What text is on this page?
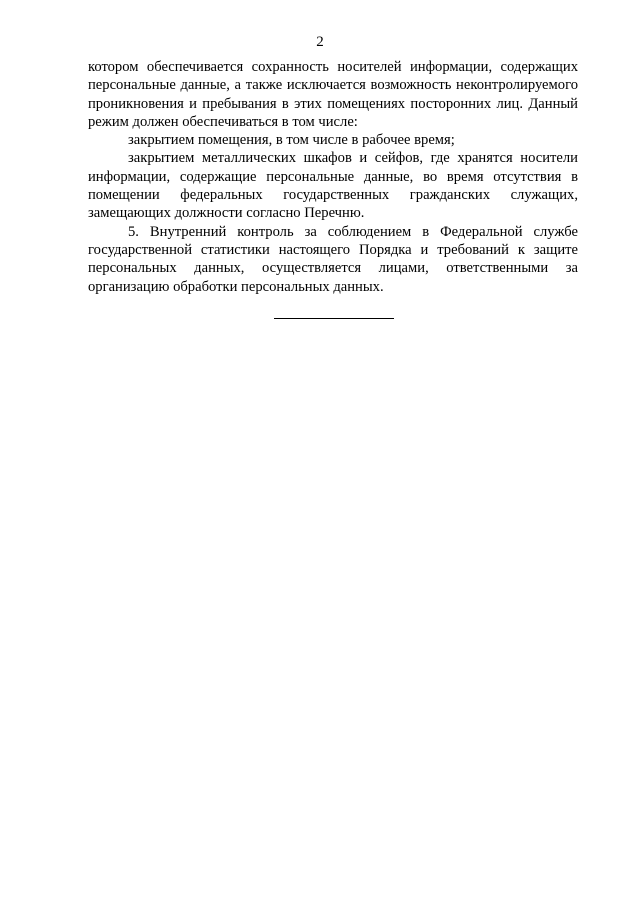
2

котором обеспечивается сохранность носителей информации, содержащих персональные данные, а также исключается возможность неконтролируемого проникновения и пребывания в этих помещениях посторонних лиц. Данный режим должен обеспечиваться в том числе:

закрытием помещения, в том числе в рабочее время;

закрытием металлических шкафов и сейфов, где хранятся носители информации, содержащие персональные данные, во время отсутствия в помещении федеральных государственных гражданских служащих, замещающих должности согласно Перечню.

5. Внутренний контроль за соблюдением в Федеральной службе государственной статистики настоящего Порядка и требований к защите персональных данных, осуществляется лицами, ответственными за организацию обработки персональных данных.
